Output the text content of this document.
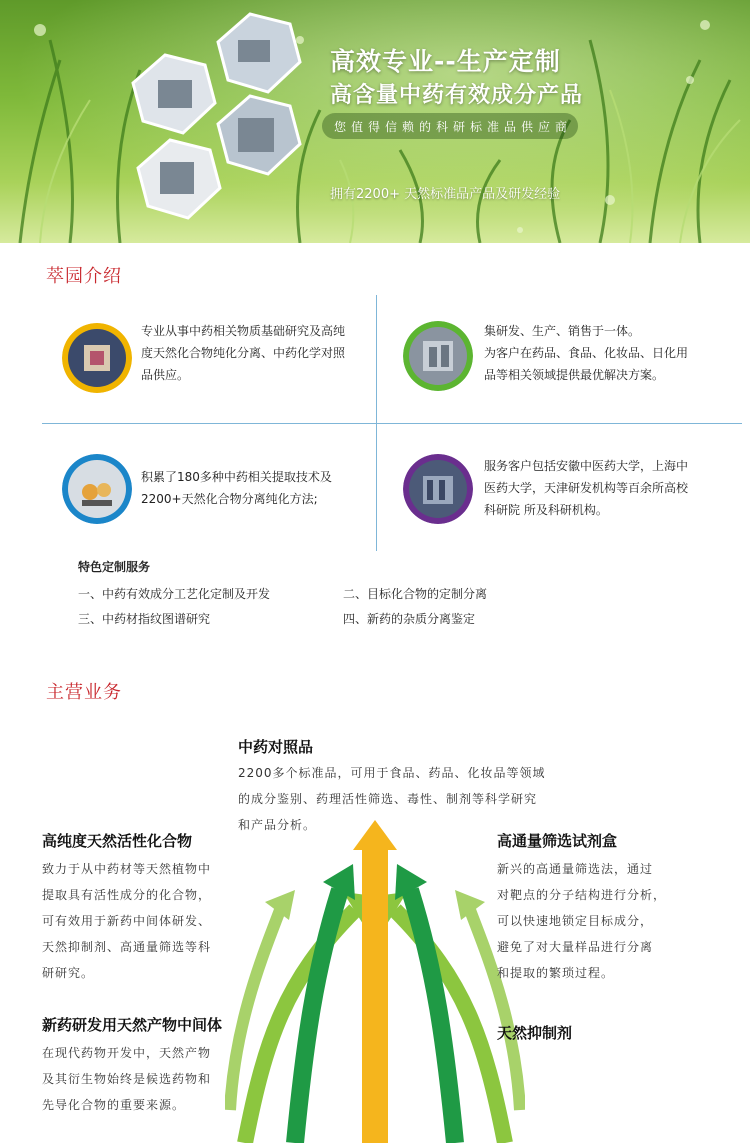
高效专业--生产定制
高含量中药有效成分产品
您值得信赖的科研标准品供应商
拥有2200+ 天然标准品产品及研发经验
萃园介绍
专业从事中药相关物质基础研究及高纯
度天然化合物纯化分离、中药化学对照
品供应。
集研发、生产、销售于一体。
为客户在药品、食品、化妆品、日化用
品等相关领域提供最优解决方案。
积累了180多种中药相关提取技术及
2200+天然化合物分离纯化方法;
服务客户包括安徽中医药大学，上海中
医药大学，天津研发机构等百余所高校
科研院 所及科研机构。
特色定制服务
一、中药有效成分工艺化定制及开发	二、目标化合物的定制分离
三、中药材指纹图谱研究	四、新药的杂质分离鉴定
主营业务
中药对照品
2200多个标准品，可用于食品、药品、化妆品等领域
的成分鉴别、药理活性筛选、毒性、制剂等科学研究
和产品分析。
高纯度天然活性化合物
致力于从中药材等天然植物中
提取具有活性成分的化合物，
可有效用于新药中间体研发、
天然抑制剂、高通量筛选等科
研研究。
高通量筛选试剂盒
新兴的高通量筛选法，通过
对靶点的分子结构进行分析，
可以快速地锁定目标成分，
避免了对大量样品进行分离
和提取的繁琐过程。
新药研发用天然产物中间体
在现代药物开发中，天然产物
及其衍生物始终是候选药物和
先导化合物的重要来源。
天然抑制剂
